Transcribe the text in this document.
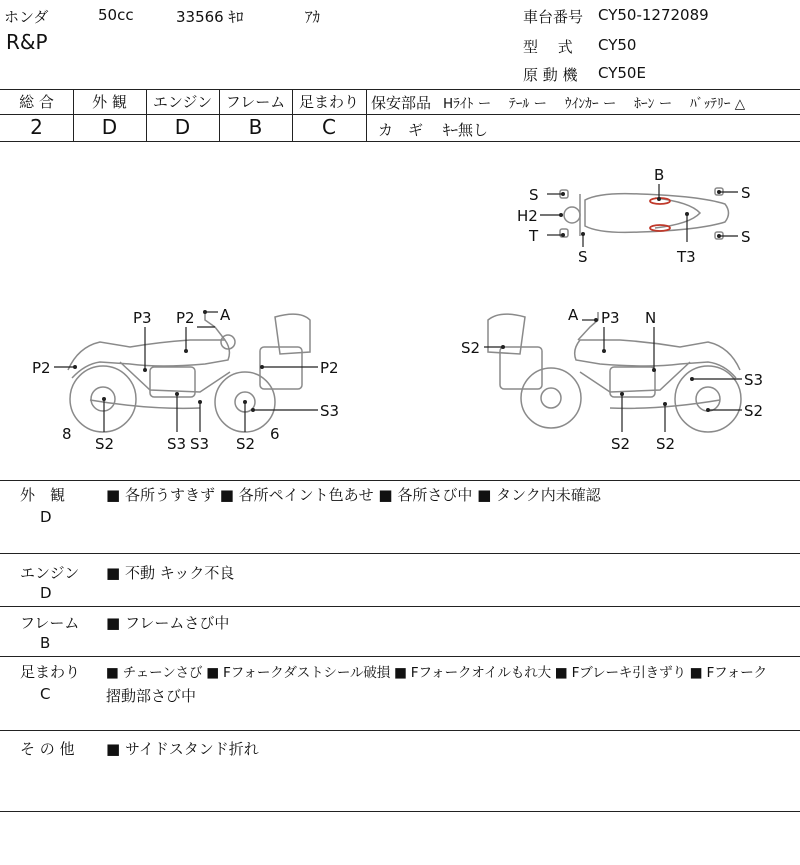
ホンダ	50cc	33566 ｷﾛ	ｱｶ
R&P
車台番号 CY50-1272089
型　 式 CY50
原 動 機 CY50E
総 合
2
外 観
D
エンジン
D
フレーム
B
足まわり
C
保安部品 Hﾗｲﾄ ー　 ﾃｰﾙ ー　 ｳｲﾝｶｰ ー　 ﾎｰﾝ ー　 ﾊﾞｯﾃﾘｰ △
カ　ギ ｷｰ無し
S
H2
T
S
B
T3
S
S
P3 P2 A
P2	P2
S3
8
S2	S3 S3 S2
6
A P3 N
S2
S3
S2
S2 S2
外　観
D
■ 各所うすきず ■ 各所ペイント色あせ ■ 各所さび中 ■ タンク内未確認
エンジン
D
■ 不動 キック不良
フレーム
B
■ フレームさび中
足まわり
C
■ チェーンさび ■ Fフォークダストシール破損 ■ Fフォークオイルもれ大 ■ Fブレーキ引きずり ■ Fフォーク
摺動部さび中
そ の 他 ■ サイドスタンド折れ
